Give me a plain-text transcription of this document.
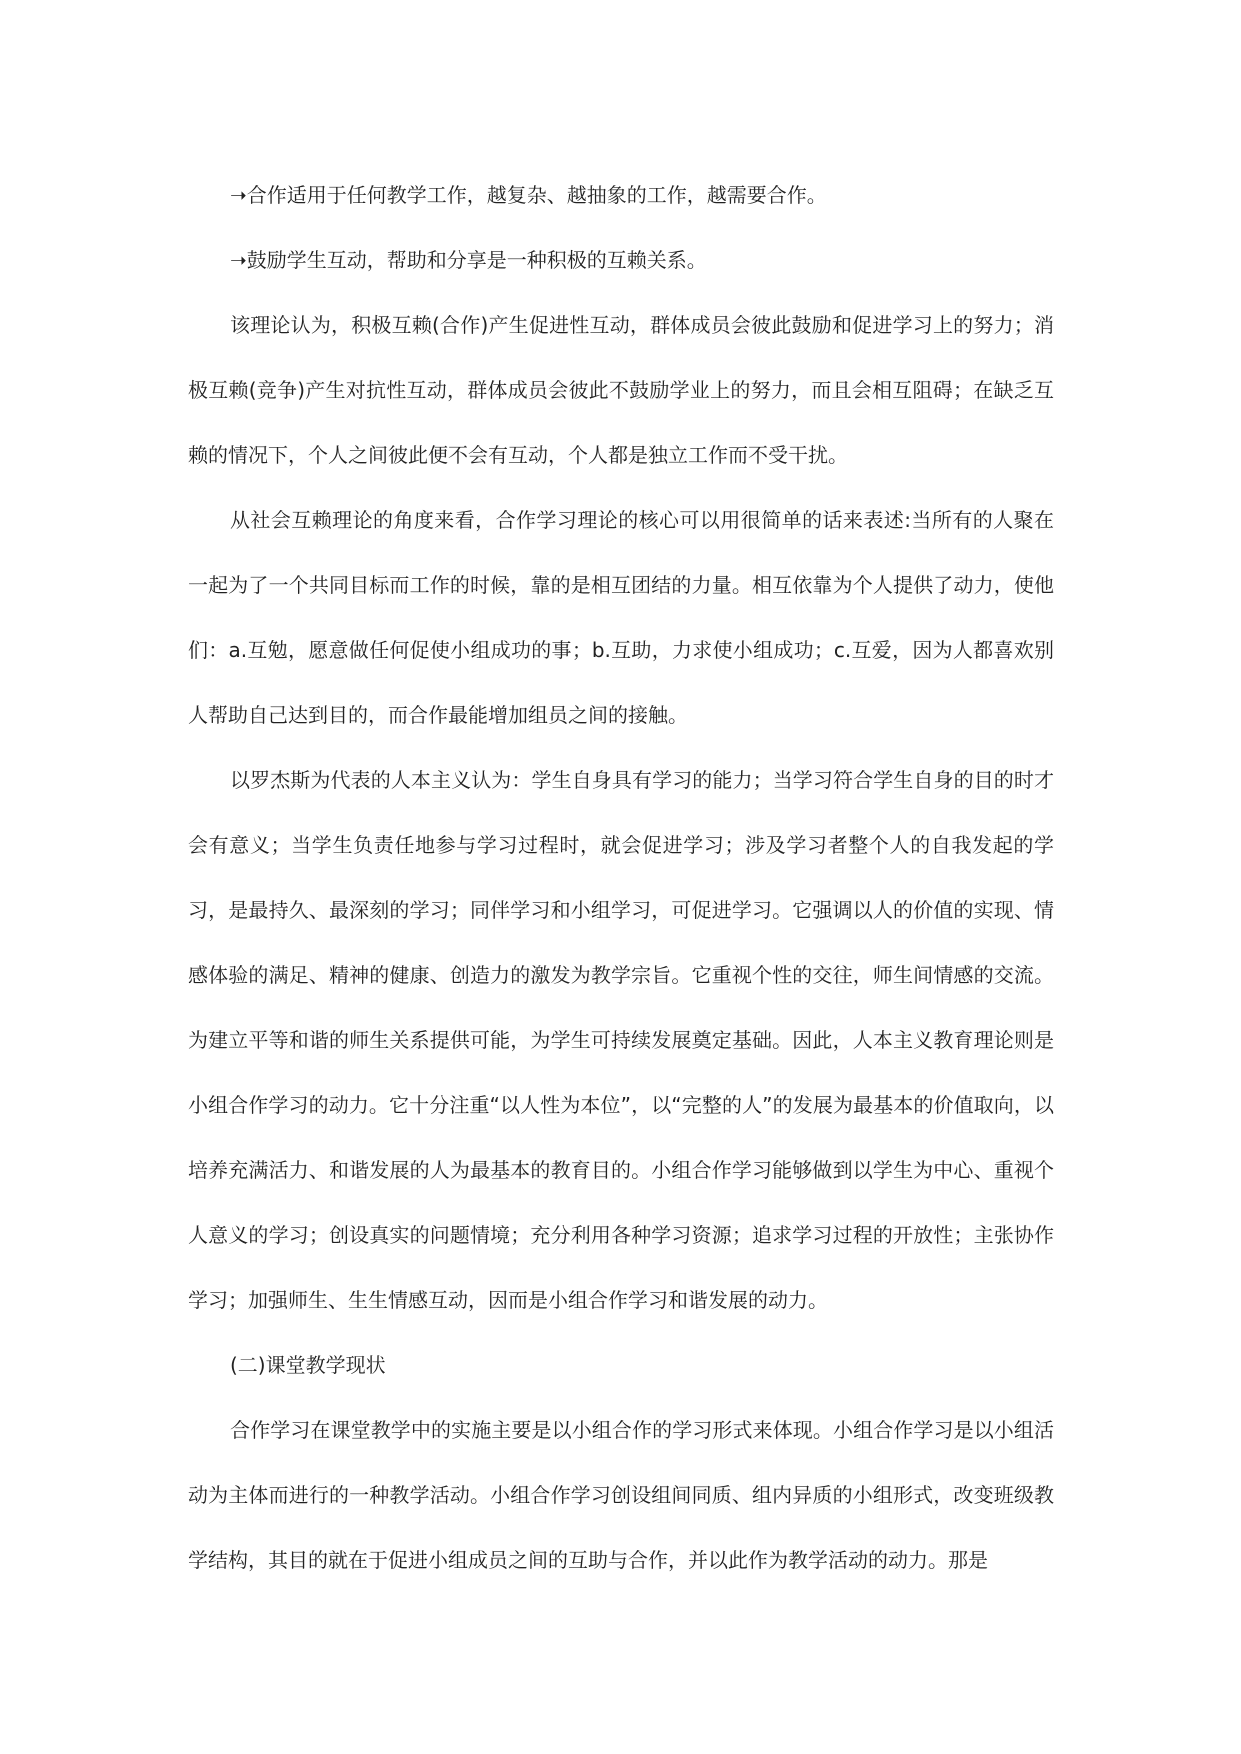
➝合作适用于任何教学工作，越复杂、越抽象的工作，越需要合作。

➝鼓励学生互动，帮助和分享是一种积极的互赖关系。

该理论认为，积极互赖(合作)产生促进性互动，群体成员会彼此鼓励和促进学习上的努力；消极互赖(竞争)产生对抗性互动，群体成员会彼此不鼓励学业上的努力，而且会相互阻碍；在缺乏互赖的情况下，个人之间彼此便不会有互动，个人都是独立工作而不受干扰。

从社会互赖理论的角度来看，合作学习理论的核心可以用很简单的话来表述:当所有的人聚在一起为了一个共同目标而工作的时候，靠的是相互团结的力量。相互依靠为个人提供了动力，使他们：a.互勉，愿意做任何促使小组成功的事；b.互助，力求使小组成功；c.互爱，因为人都喜欢别人帮助自己达到目的，而合作最能增加组员之间的接触。

以罗杰斯为代表的人本主义认为：学生自身具有学习的能力；当学习符合学生自身的目的时才会有意义；当学生负责任地参与学习过程时，就会促进学习；涉及学习者整个人的自我发起的学习，是最持久、最深刻的学习；同伴学习和小组学习，可促进学习。它强调以人的价值的实现、情感体验的满足、精神的健康、创造力的激发为教学宗旨。它重视个性的交往，师生间情感的交流。为建立平等和谐的师生关系提供可能，为学生可持续发展奠定基础。因此，人本主义教育理论则是小组合作学习的动力。它十分注重“以人性为本位”，以“完整的人”的发展为最基本的价值取向，以培养充满活力、和谐发展的人为最基本的教育目的。小组合作学习能够做到以学生为中心、重视个人意义的学习；创设真实的问题情境；充分利用各种学习资源；追求学习过程的开放性；主张协作学习；加强师生、生生情感互动，因而是小组合作学习和谐发展的动力。

(二)课堂教学现状

合作学习在课堂教学中的实施主要是以小组合作的学习形式来体现。小组合作学习是以小组活动为主体而进行的一种教学活动。小组合作学习创设组间同质、组内异质的小组形式，改变班级教学结构，其目的就在于促进小组成员之间的互助与合作，并以此作为教学活动的动力。那是
